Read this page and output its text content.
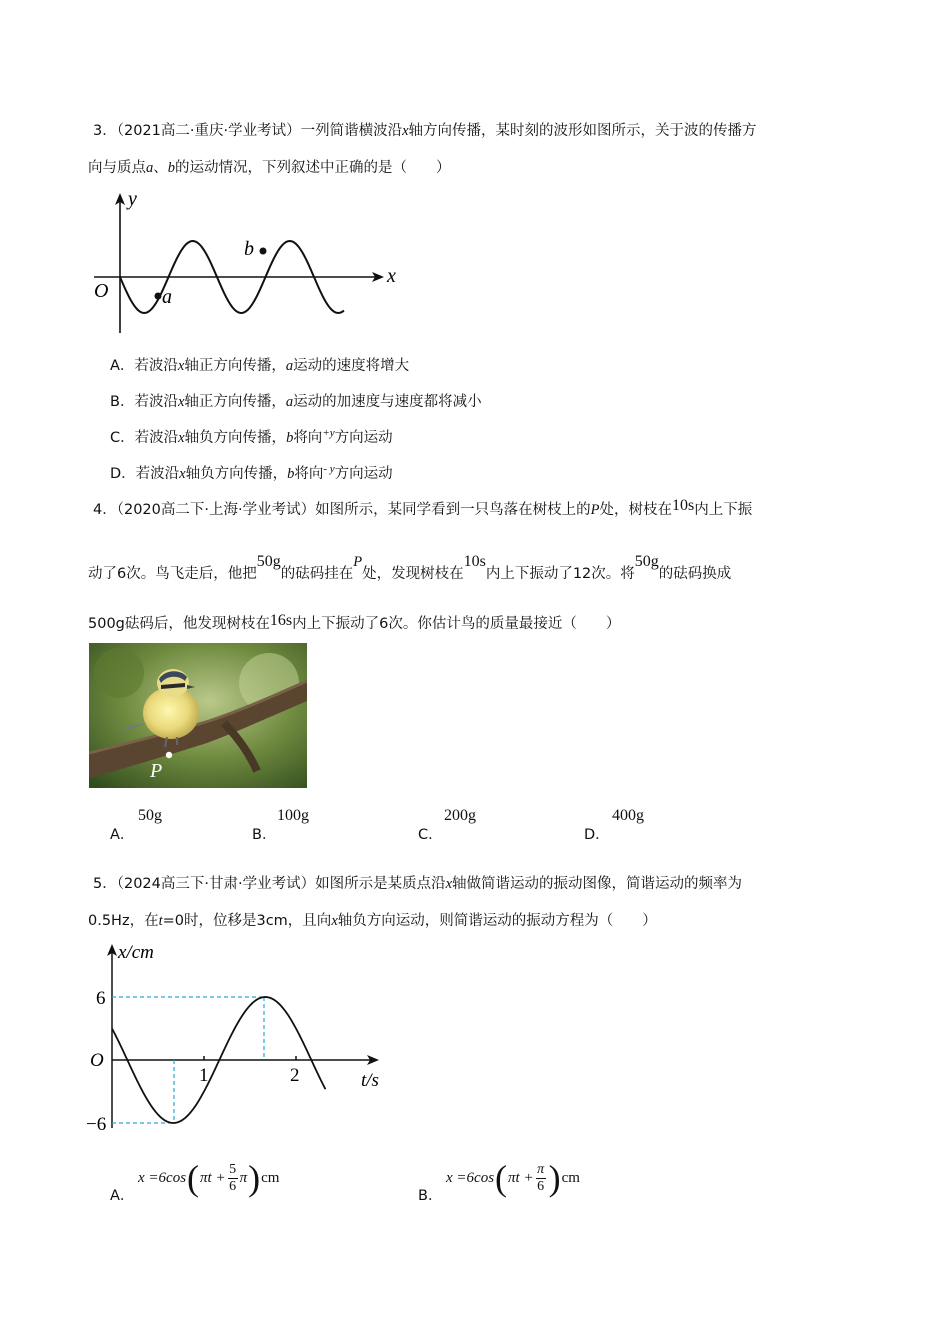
3．（2021高二·重庆·学业考试）一列简谐横波沿x轴方向传播，某时刻的波形如图所示，关于波的传播方
向与质点a、b的运动情况，下列叙述中正确的是（　　）
y
x
O	a
b
A．若波沿x轴正方向传播，a运动的速度将增大
B．若波沿x轴正方向传播，a运动的加速度与速度都将减小
C．若波沿x轴负方向传播，b将向$^{+y}$方向运动
D．若波沿x轴负方向传播，b将向$^{- y}$方向运动
4．（2020高二下·上海·学业考试）如图所示，某同学看到一只鸟落在树枝上的P处，树枝在10s内上下振
动了6次。鸟飞走后，他把50g的砝码挂在P处，发现树枝在10s内上下振动了12次。将50g的砝码换成
500g砝码后，他发现树枝在16s内上下振动了6次。你估计鸟的质量最接近（　　）
P
A．
50g
B．
100g
C．
200g
D．
400g
5．（2024高三下·甘肃·学业考试）如图所示是某质点沿x轴做简谐运动的振动图像，简谐运动的频率为
0.5Hz，在t=0时，位移是3cm，且向x轴负方向运动，则简谐运动的振动方程为（　　）
x/cm
t/s
O
6
−6
1	2
A．
x =6cos ( πt +
5
6
π ) cm
B．
x =6cos ( πt +
π
6 ) cm
